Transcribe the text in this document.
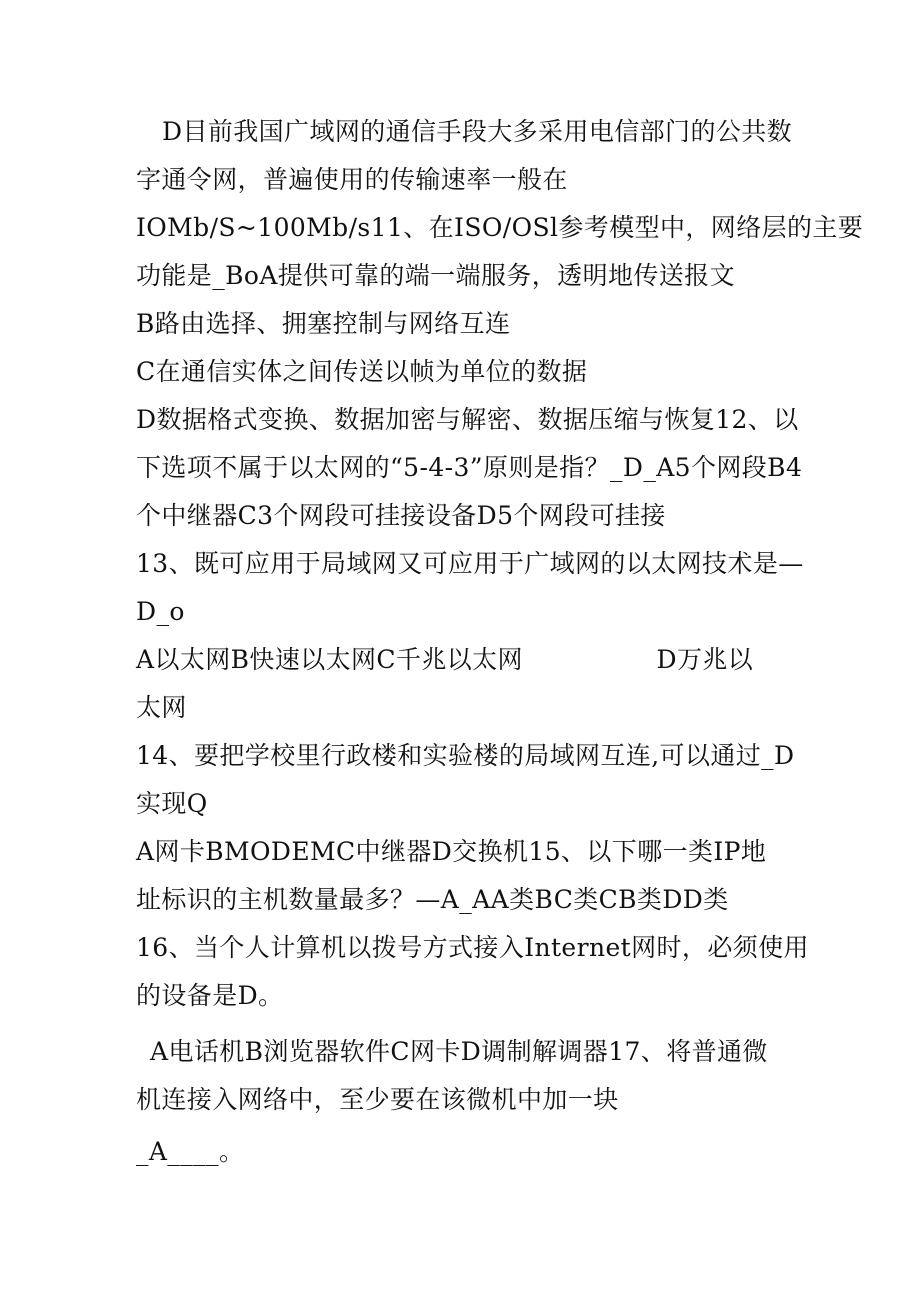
D目前我国广域网的通信手段大多采用电信部门的公共数
字通令网，普遍使用的传输速率一般在
IOMb∕S~100Mb∕s11、在ISO/OSl参考模型中，网络层的主要
功能是_BoA提供可靠的端一端服务，透明地传送报文
B路由选择、拥塞控制与网络互连
C在通信实体之间传送以帧为单位的数据
D数据格式变换、数据加密与解密、数据压缩与恢复12、以
下选项不属于以太网的“5-4-3”原则是指？_D_A5个网段B4
个中继器C3个网段可挂接设备D5个网段可挂接
13、既可应用于局域网又可应用于广域网的以太网技术是—
D_o
A以太网B快速以太网C千兆以太网                D万兆以
太网
14、要把学校里行政楼和实验楼的局域网互连,可以通过_D
实现Q
A网卡BMODEMC中继器D交换机15、以下哪一类IP地
址标识的主机数量最多？—A_AA类BC类CB类DD类
16、当个人计算机以拨号方式接入Internet网时，必须使用
的设备是D。
A电话机B浏览器软件C网卡D调制解调器17、将普通微
机连接入网络中，至少要在该微机中加一块
_A____。
